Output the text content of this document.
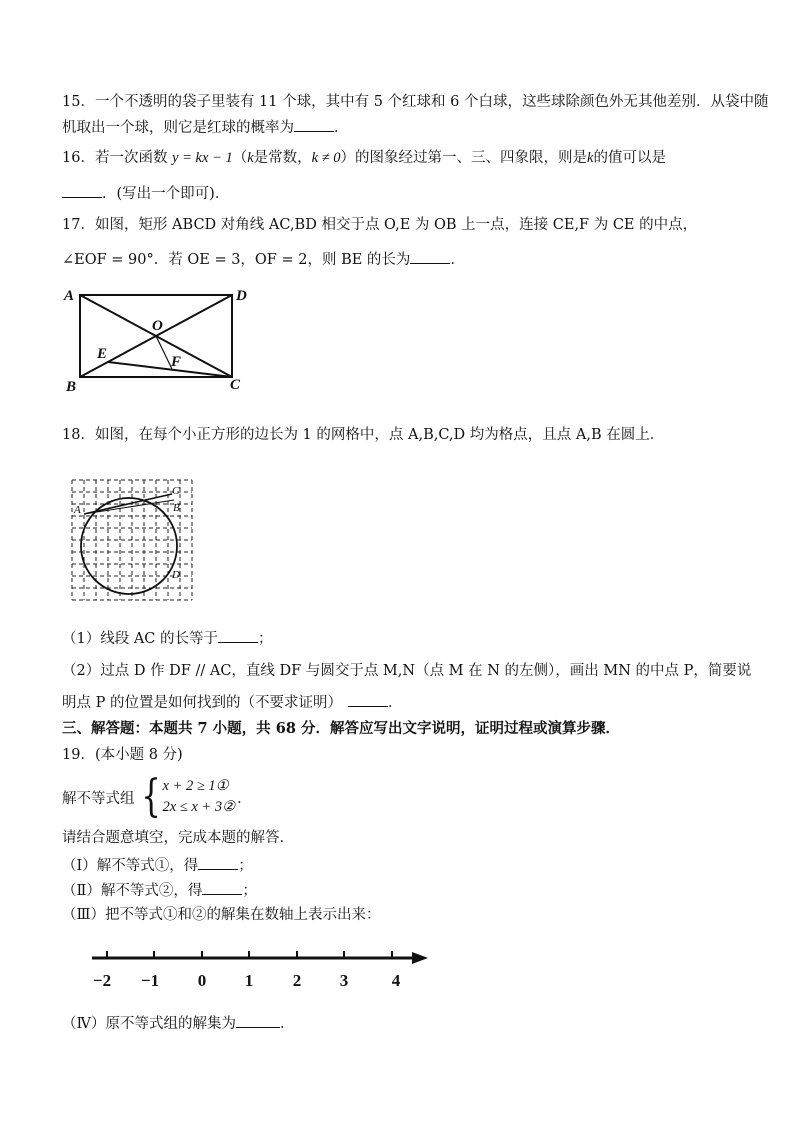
15．一个不透明的袋子里装有 11 个球，其中有 5 个红球和 6 个白球，这些球除颜色外无其他差别．从袋中随
机取出一个球，则它是红球的概率为	．
16．若一次函数 y = kx − 1（k是常数，k ≠ 0）的图象经过第一、三、四象限，则是k的值可以是
．(写出一个即可)．
17．如图，矩形 ABCD 对角线 AC,BD 相交于点 O,E 为 OB 上一点，连接 CE,F 为 CE 的中点，
∠EOF = 90°．若 OE = 3，OF = 2，则 BE 的长为	．
A	D
O
E	F
B	C
18．如图，在每个小正方形的边长为 1 的网格中，点 A,B,C,D 均为格点，且点 A,B 在圆上．
A
C
B
D
（1）线段 AC 的长等于	；
（2）过点 D 作 DF // AC，直线 DF 与圆交于点 M,N（点 M 在 N 的左侧），画出 MN 的中点 P，简要说
明点 P 的位置是如何找到的（不要求证明）	．
三、解答题：本题共 7 小题，共 68 分．解答应写出文字说明，证明过程或演算步骤．
19．(本小题 8 分)
解不等式组 { x + 2 ≥ 1①
2x ≤ x + 3②
．
请结合题意填空，完成本题的解答．
（Ⅰ）解不等式①，得	；
（Ⅱ）解不等式②，得	；
（Ⅲ）把不等式①和②的解集在数轴上表示出来：
−2 −1 0 1 2 3	4
（Ⅳ）原不等式组的解集为	．
